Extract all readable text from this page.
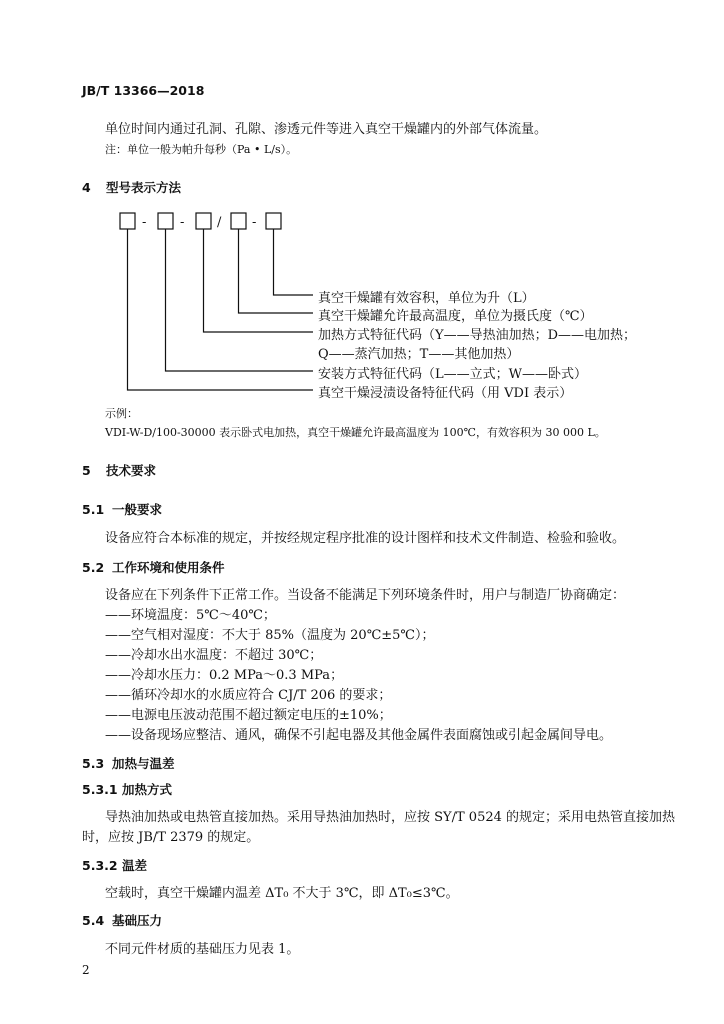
JB/T 13366—2018
单位时间内通过孔洞、孔隙、渗透元件等进入真空干燥罐内的外部气体流量。
注：单位一般为帕升每秒（Pa • L/s）。
4 型号表示方法
-	-	/ -
真空干燥罐有效容积，单位为升（L）
真空干燥罐允许最高温度，单位为摄氏度（℃）
加热方式特征代码（Y——导热油加热；D——电加热；
Q——蒸汽加热；T——其他加热）
安装方式特征代码（L——立式；W——卧式）
真空干燥浸渍设备特征代码（用 VDI 表示）
示例：
VDI-W-D/100-30000 表示卧式电加热，真空干燥罐允许最高温度为 100℃，有效容积为 30 000 L。
5 技术要求
5.1 一般要求
设备应符合本标准的规定，并按经规定程序批准的设计图样和技术文件制造、检验和验收。
5.2 工作环境和使用条件
设备应在下列条件下正常工作。当设备不能满足下列环境条件时，用户与制造厂协商确定：
——环境温度：5℃～40℃；
——空气相对湿度：不大于 85%（温度为 20℃±5℃）；
——冷却水出水温度：不超过 30℃；
——冷却水压力：0.2 MPa～0.3 MPa；
——循环冷却水的水质应符合 CJ/T 206 的要求；
——电源电压波动范围不超过额定电压的±10%；
——设备现场应整洁、通风，确保不引起电器及其他金属件表面腐蚀或引起金属间导电。
5.3 加热与温差
5.3.1 加热方式
导热油加热或电热管直接加热。采用导热油加热时，应按 SY/T 0524 的规定；采用电热管直接加热
时，应按 JB/T 2379 的规定。
5.3.2 温差
空载时，真空干燥罐内温差 ΔT₀ 不大于 3℃，即 ΔT₀≤3℃。
5.4 基础压力
不同元件材质的基础压力见表 1。
2
